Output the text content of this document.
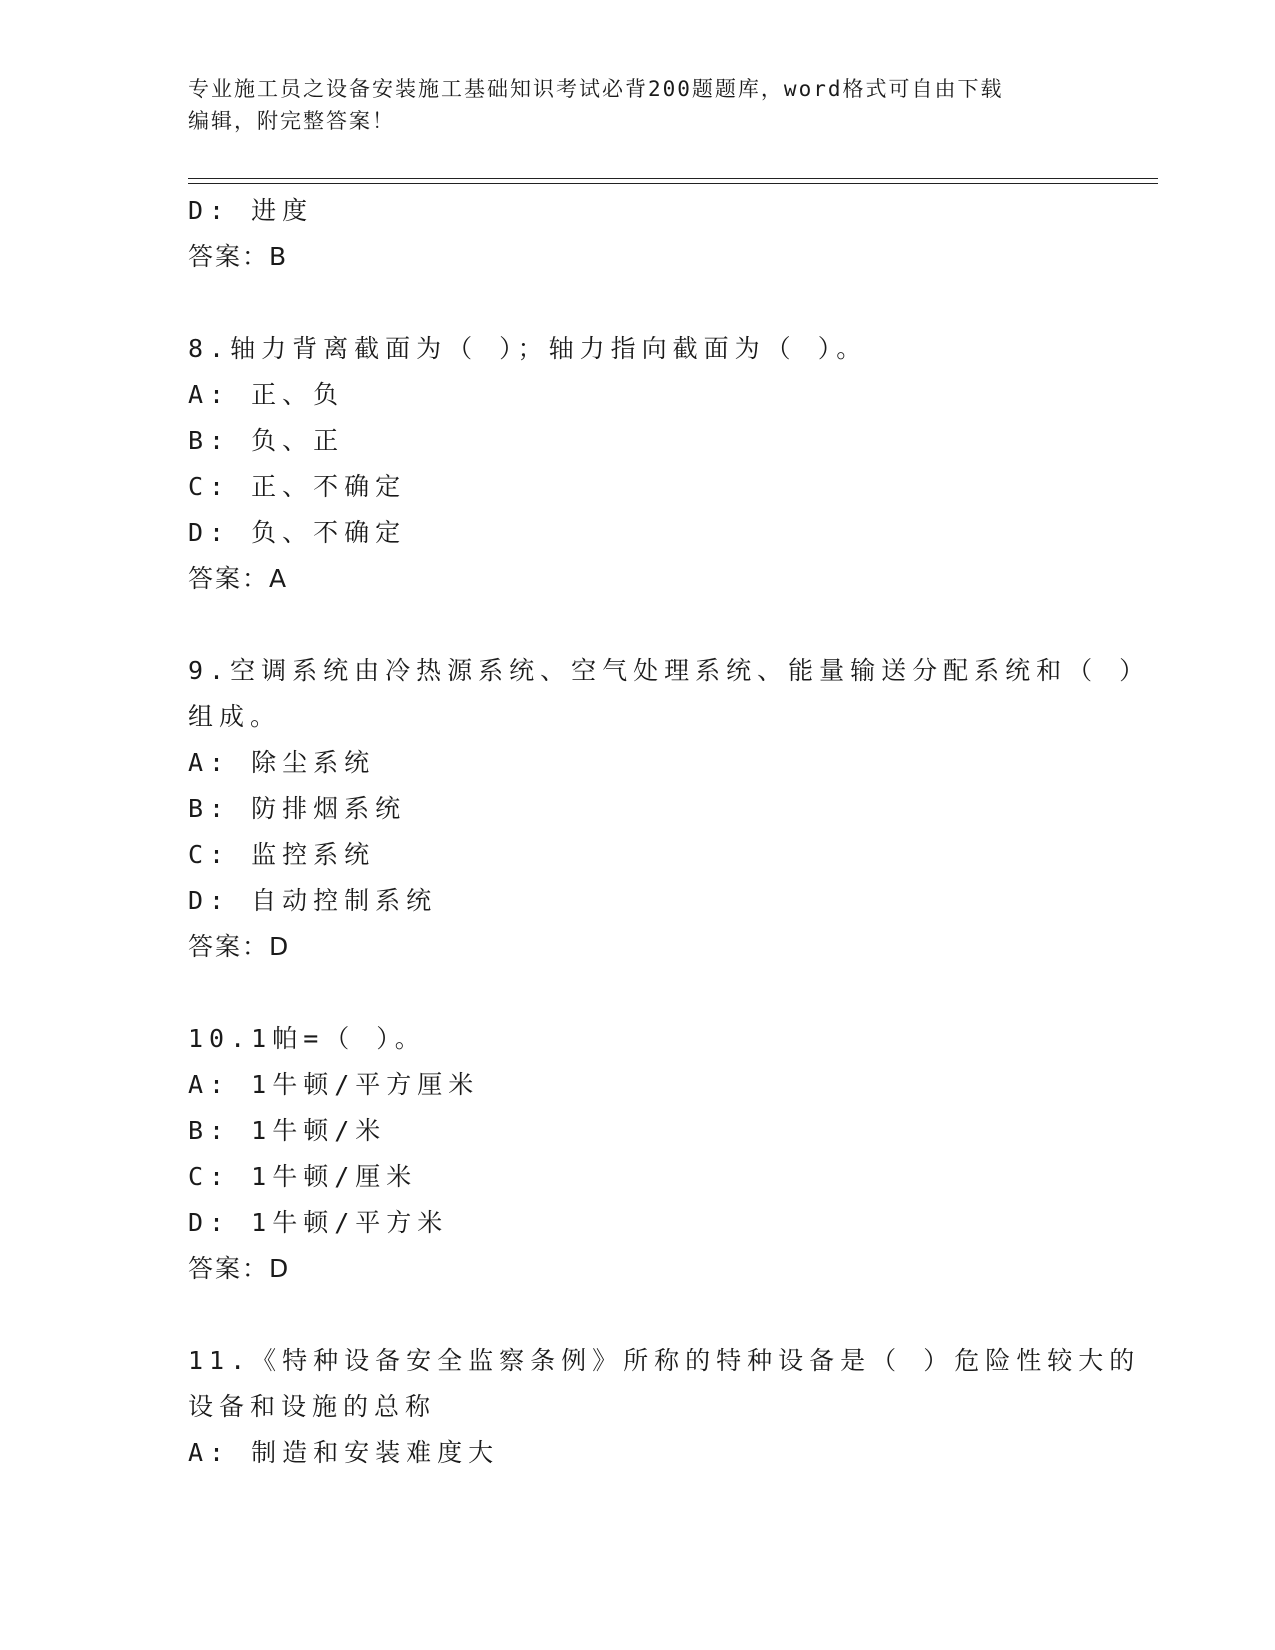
专业施工员之设备安装施工基础知识考试必背200题题库，word格式可自由下载
编辑，附完整答案！
D: 进度
答案：B
8.轴力背离截面为（ ）；轴力指向截面为（ ）。
A: 正、负
B: 负、正
C: 正、不确定
D: 负、不确定
答案：A
9.空调系统由冷热源系统、空气处理系统、能量输送分配系统和（ ）
组成。
A: 除尘系统
B: 防排烟系统
C: 监控系统
D: 自动控制系统
答案：D
10.1帕=（ ）。
A: 1牛顿/平方厘米
B: 1牛顿/米
C: 1牛顿/厘米
D: 1牛顿/平方米
答案：D
11.《特种设备安全监察条例》所称的特种设备是（ ）危险性较大的
设备和设施的总称
A: 制造和安装难度大
